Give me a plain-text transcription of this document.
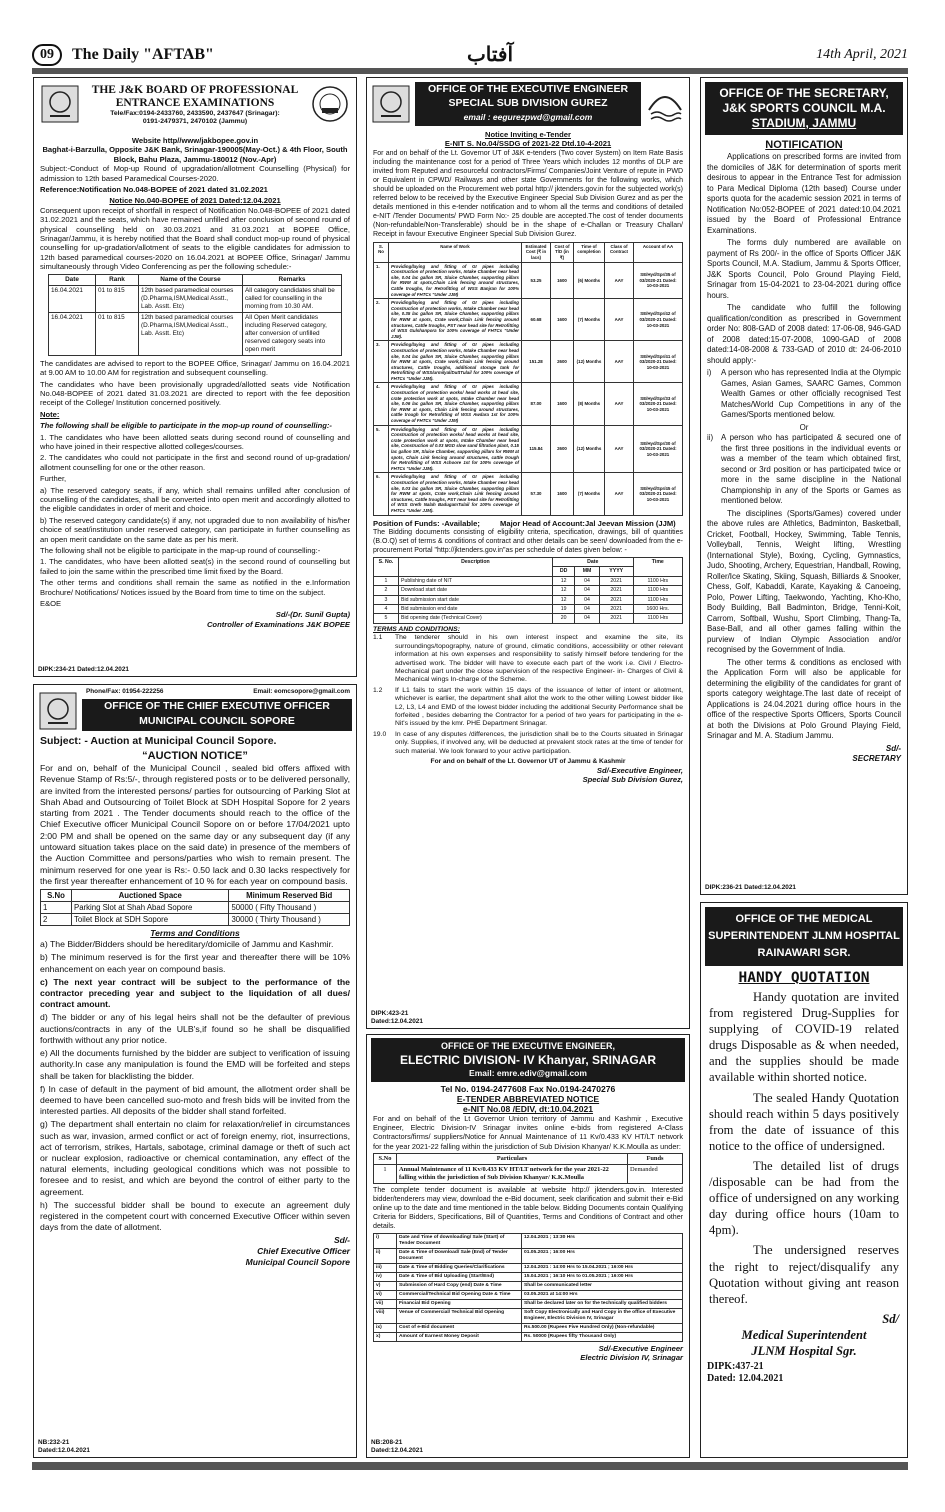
09	The Daily "AFTAB"	آفتاب	14th April, 2021
THE J&K BOARD OF PROFESSIONAL
ENTRANCE EXAMINATIONS
Tele/Fax:0194-2433760, 2433590, 2437647 (Srinagar):
0191-2479371, 2470102 (Jammu)
Website http//www/jakbopee.gov.in
Baghat-i-Barzulla, Opposite J&K Bank, Srinagar-190005(May-Oct.) & 4th Floor, South Block, Bahu Plaza, Jammu-180012 (Nov.-Apr)
Subject:-Conduct of Mop-up Round of upgradation/allotment Counselling (Physical) for admission to 12th based Paramedical Courses-2020.
Reference:Notification No.048-BOPEE of 2021 dated 31.02.2021
Notice No.040-BOPEE of 2021 Dated:12.04.2021
Consequent upon receipt of shortfall in respect of Notification No.048-BOPEE of 2021 dated 31.02.2021 and the seats, which have remained unfilled after conclusion of second round of physical counselling held on 30.03.2021 and 31.03.2021 at BOPEE Office, Srinagar/Jammu, it is hereby notified that the Board shall conduct mop-up round of physical counselling for up-gradation/allotment of seats to the eligible candidates for admission to 12th based paramedical courses-2020 on 16.04.2021 at BOPEE Office, Srinagar/ Jammu simultaneously through Video Conferencing as per the following schedule:-
Date	Rank	Name of the Course	Remarks
16.04.2021	01 to 815	12th based paramedical courses (D.Pharma,ISM,Medical Asstt., Lab. Asstt. Etc)	All category candidates shall be called for counselling in the morning from 10.30 AM.
16.04.2021	01 to 815	12th based paramedical courses (D.Pharma,ISM,Medical Asstt., Lab. Asstt. Etc)	All Open Merit candidates including Reserved category, after conversion of unfilled reserved category seats into open merit
The candidates are advised to report to the BOPEE Office, Srinagar/ Jammu on 16.04.2021 at 9.00 AM to 10.00 AM for registration and subsequent counselling.
The candidates who have been provisionally upgraded/allotted seats vide Notification No.048-BOPEE of 2021 dated 31.03.2021 are directed to report with the fee deposition receipt of the College/ Institution concerned positively.
Note:
The following shall be eligible to participate in the mop-up round of counselling:-
1. The candidates who have been allotted seats during second round of counselling and who have joined in their respective allotted colleges/courses.
2. The candidates who could not participate in the first and second round of up-gradation/ allotment counselling for one or the other reason.
Further,
a) The reserved category seats, if any, which shall remains unfilled after conclusion of counselling of the candidates, shall be converted into open merit and accordingly allotted to the eligible candidates in order of merit and choice.
b) The reserved category candidate(s) if any, not upgraded due to non availability of his/her choice of seat/institution under reserved category, can participate in further counselling as an open merit candidate on the same date as per his merit.
The following shall not be eligible to participate in the map-up round of counselling:-
1. The candidates, who have been allotted seat(s) in the second round of counselling but failed to join the same within the prescribed time limit fixed by the Board.
The other terms and conditions shall remain the same as notified in the e.Information Brochure/ Notifications/ Notices issued by the Board from time to time on the subject.
E&OE
Sd/-(Dr. Sunil Gupta)
Controller of Examinations J&K BOPEE
DIPK:234-21 Dated:12.04.2021
Phone/Fax: 01954-222256	Email: eomcsopore@gmail.com
OFFICE OF THE CHIEF EXECUTIVE OFFICER
MUNICIPAL COUNCIL SOPORE
Subject: - Auction at Municipal Council Sopore.
“AUCTION NOTICE”
For and on, behalf of the Municipal Council , sealed bid offers affixed with Revenue Stamp of Rs:5/-, through registered posts or to be delivered personally, are invited from the interested persons/ parties for outsourcing of Parking Slot at Shah Abad and Outsourcing of Toilet Block at SDH Hospital Sopore for 2 years starting from 2021 . The Tender documents should reach to the office of the Chief Executive officer Municipal Council Sopore on or before 17/04/2021 upto 2:00 PM and shall be opened on the same day or any subsequent day (if any untoward situation takes place on the said date) in presence of the members of the Auction Committee and persons/parties who wish to remain present. The minimum reserved for one year is Rs:- 0.50 lack and 0.30 lacks respectively for the first year thereafter enhancement of 10 % for each year on compound basis.
S.No	Auctioned Space	Minimum Reserved Bid
1	Parking Slot at Shah Abad Sopore	50000 ( Fifty Thousand )
2	Toilet Block at SDH Sopore	30000 ( Thirty Thousand )
Terms and Conditions
a) The Bidder/Bidders should be hereditary/domicile of Jammu and Kashmir.
b) The minimum reserved is for the first year and thereafter there will be 10% enhancement on each year on compound basis.
c) The next year contract will be subject to the performance of the contractor preceding year and subject to the liquidation of all dues/ contract amount.
d) The bidder or any of his legal heirs shall not be the defaulter of previous auctions/contracts in any of the ULB's,if found so he shall be disqualified forthwith without any prior notice.
e) All the documents furnished by the bidder are subject to verification of issuing authority.In case any manipulation is found the EMD will be forfeited and steps shall be taken for blacklisting the bidder.
f) In case of default in the payment of bid amount, the allotment order shall be deemed to have been cancelled suo-moto and fresh bids will be invited from the interested parties. All deposits of the bidder shall stand forfeited.
g) The department shall entertain no claim for relaxation/relief in circumstances such as war, invasion, armed conflict or act of foreign enemy, riot, insurrections, act of terrorism, strikes, Hartals, sabotage, criminal damage or theft of such act or nuclear explosion, radioactive or chemical contamination, any effect of the natural elements, including geological conditions which was not possible to foresee and to resist, and which are beyond the control of either party to the agreement.
h) The successful bidder shall be bound to execute an agreement duly registered in the competent court with concerned Executive Officer within seven days from the date of allotment.
Sd/-
Chief Executive Officer
Municipal Council Sopore
NB:232-21
Dated:12.04.2021
OFFICE OF THE EXECUTIVE ENGINEER
SPECIAL SUB DIVISION GUREZ
email : eegurezpwd@gmail.com
Notice Inviting e-Tender
E-NIT S. No.04/SSDG of 2021-22 Dtd.10-4-2021
For and on behalf of the Lt. Governor UT of J&K e-tenders (Two cover System) on Item Rate Basis including the maintenance cost for a period of Three Years which includes 12 months of DLP are invited from Reputed and resourceful contractors/Firms/ Companies/Joint Venture of repute in PWD or Equivalent in CPWD/ Railways and other state Governments for the following works, which should be uploaded on the Procurement web portal http:// jktenders.gov.in for the subjected work(s) referred below to be received by the Executive Engineer Special Sub Division Gurez and as per the details mentioned in this e-tender notification and to whom all the terms and conditions of detailed e-NIT /Tender Documents/ PWD Form No:- 25 double are accepted.The cost of tender documents (Non-refundable/Non-Transferable) should be in the shape of e-Challan or Treasury Challan/ Receipt in favour Executive Engineer Special Sub Division Gurez.
S. No	Name of Work	Estimated Cost (₹ in lacs)	Cost of T/D (in ₹)	Time of completion	Class of Contract	Account of AA
1.	Providing/laying and fitting of GI pipes including Construction of protection works, Intake Chamber near head site, 0.04 lac gallon SR, Sluice Chamber, supporting pillars for RWM at spots,Chain Link fencing around structures, Cattle troughs, for Retrofitting of WSS Banjran for 100% coverage of FHTCs "Under JJM)	53.25	1600	(6) Months	AAY	SE/Hyd/Spr/35 of 03/2020-21 Dated: 10-03-2021
2.	Providing/laying and fitting of GI pipes including Construction of protection works, Intake Chamber near head site, 0.35 lac gallon SR, Sluice Chamber, supporting pillars for RWM at spots, Crate work,Chain Link fencing around structures, Cattle troughs, PST near head site for Retrofitting of WSS Gulshanpora for 100% coverage of FHTCs "Under JJM).	60.68	1600	(7) Months	AAY	SE/Hyd/Spr/42 of 03/2020-21 Dated: 10-03-2021
3.	Providing/laying and fitting of GI pipes including Construction of protection works, Intake Chamber near head site, 0.04 lac gallon SR, Sluice Chamber, supporting pillars for RWM at spots, Crate work,Chain Link fencing around structures, Cattle troughs, additional storage tank for Retrofitting of WSS/urmilyal/DuttTulail for 100% coverage of FHTCs "Under JJM).	151.28	2600	(12) Months	AAY	SE/Hyd/Spr/41 of 03/2020-21 Dated: 10-03-2021
4.	Providing/laying and fitting of GI pipes including Construction of protection works/ head works at head site, crate protection work at spots, Intake Chamber near head site, 0.06 lac gallon SR, Sluice Chamber, supporting pillars for RWM at spots, Chain Link fencing around structures, cattle trough for Retrofitting of WSS Awdara 1st for 100% coverage of FHTCs "Under JJM)	87.00	1600	(8) Months	AAY	SE/Hyd/Spr/33 of 03/2020-21 Dated: 10-03-2021
5.	Providing/laying and fitting of GI pipes including Construction of protection works/ head works at head site, crate protection work at spots, Intake Chamber near head site, Construction of 0.03 MGD slow sand filtration plant, 0.15 lac gallon SR, Sluice Chamber, supporting pillars for RWM at spots, Chain Link fencing around structures, cattle trough for Retrofitting of WSS Achoore 1st for 100% coverage of FHTCs "Under JJM).	115.84	2600	(12) Months	AAY	SE/Hyd/Spr/30 of 03/2020-21 Dated: 10-03-2021
6.	Providing/laying and fitting of GI pipes including Construction of protection works, Intake Chamber near head site, 0.03 lac gallon SR, Sluice Chamber, supporting pillars for RWM at spots, Crate work,Chain Link fencing around structures, Cattle troughs, PST near head site for Retrofitting of WSS Greth Nalah BadugamTulail for 100% coverage of FHTCs "Under JJM).	57.30	1600	(7) Months	AAY	SE/Hyd/Spr/45 of 03/2020-21 Dated: 10-03-2021
Position of Funds: -Available;	Major Head of Account:Jal Jeevan Mission (JJM)
The Bidding documents consisting of eligibility criteria, specification, drawings, bill of quantities (B.O.Q) set of terms & conditions of contract and other details can be seen/ downloaded from the e-procurement Portal "http://jktenders.gov.in"as per schedule of dates given below: -
S. No.	Description	Date			Time
		DD	MM	YYYY	
1	Publishing date of NIT	12	04	2021	1100 Hrs
2	Download start date	12	04	2021	1100 Hrs
3	Bid submission start date	12	04	2021	1100 Hrs
4	Bid submission end date	19	04	2021	1600 Hrs.
5	Bid opening date (Technical Cover)	20	04	2021	1100 Hrs
TERMS AND CONDITIONS:
1.1	The tenderer should in his own interest inspect and examine the site, its surroundings/topography, nature of ground, climatic conditions, accessibility or other relevant information at his own expenses and responsibility to satisfy himself before tendering for the advertised work. The bidder will have to execute each part of the work i.e. Civil / Electro-Mechanical part under the close supervision of the respective Engineer- in- Charges of Civil & Mechanical wings In-charge of the Scheme.
1.2	If L1 fails to start the work within 15 days of the issuance of letter of intent or allotment, whichever is earlier, the department shall allot the work to the other willing Lowest bidder like L2, L3, L4 and EMD of the lowest bidder including the additional Security Performance shall be forfeited , besides debarring the Contractor for a period of two years for participating in the e- Nit's issued by the kmr. PHE Department Srinagar.
19.0	In case of any disputes /differences, the jurisdiction shall be to the Courts situated in Srinagar only. Supplies, if involved any, will be deducted at prevalent stock rates at the time of tender for such material. We look forward to your active participation.
For and on behalf of the Lt. Governor UT of Jammu & Kashmir
Sd/-Executive Engineer,
Special Sub Division Gurez,
DIPK:423-21
Dated:12.04.2021
OFFICE OF THE EXECUTIVE ENGINEER,
ELECTRIC DIVISION- IV Khanyar, SRINAGAR
Email: emre.ediv@gmail.com
Tel No. 0194-2477608 Fax No.0194-2470276
E-TENDER ABBREVIATED NOTICE
e-NIT No.08 /EDIV, dt:10.04.2021
For and on behalf of the Lt Governor Union territory of Jammu and Kashmir , Executive Engineer, Electric Division-IV Srinagar invites online e-bids from registered A-Class Contractors/firms/ suppliers/Notice for Annual Maintenance of 11 Kv/0.433 KV HT/LT network for the year 2021-22 falling within the jurisdiction of Sub Division Khanyar/ K.K.Moulla as under:
S.No	Particulars	Funds
1	Annual Maintenance of 11 Kv/0.433 KV HT/LT network for the year 2021-22 falling within the jurisdiction of Sub Division Khanyar/ K.K.Moulla	Demanded
The complete tender document is available at website http:// jktenders.gov.in. Interested bidder/tenderers may view, download the e-Bid document, seek clarification and submit their e-Bid online up to the date and time mentioned in the table below. Bidding Documents contain Qualifying Criteria for Bidders, Specifications, Bill of Quantities, Terms and Conditions of Contract and other details.
i)	Date and Time of downloading/ Sale (Start) of Tender Document	12.04.2021 ; 13:30 Hrs
ii)	Date & Time of Download/ Sale (End) of Tender Document	01.05.2021 ; 16:00 Hrs
iii)	Date & Time of Bidding Queries/Clarifications	12.04.2021 : 14:00 Hrs to 15.04.2021 ; 16:00 Hrs
iv)	Date & Time of Bid Uploading (Start/End)	15.04.2021 ; 16:10 Hrs to 01.05.2021 ; 16:00 Hrs
v)	Submission of Hard Copy (end) Date & Time	Shall be communicated letter
vi)	Commercial/Technical Bid Opening Date & Time	03.05.2021 at 14:00 Hrs
vii)	Financial Bid Opening	Shall be declared later on for the technically qualified bidders
viii)	Venue of Commercial/ Technical Bid Opening	Soft Copy Electronically and Hard Copy in the office of Executive Engineer, Electric Division IV, Srinagar
ix)	Cost of e-Bid document	Rs.500.00 (Rupees Five Hundred Only) (Non-refundable)
x)	Amount of Earnest Money Deposit	Rs. 50000 (Rupees fifty Thousand Only)
Sd/-Executive Engineer
Electric Division IV, Srinagar
NB:208-21
Dated:12.04.2021
OFFICE OF THE SECRETARY,
J&K SPORTS COUNCIL M.A.
STADIUM, JAMMU
NOTIFICATION
Applications on prescribed forms are invited from the domiciles of J&K for determination of sports merit desirous to appear in the Entrance Test for admission to Para Medical Diploma (12th based) Course under sports quota for the academic session 2021 in terms of Notification No:052-BOPEE of 2021 dated:10.04.2021 issued by the Board of Professional Entrance Examinations.
The forms duly numbered are available on payment of Rs 200/- in the office of Sports Officer J&K Sports Council, M.A. Stadium, Jammu & Sports Officer, J&K Sports Council, Polo Ground Playing Field, Srinagar from 15-04-2021 to 23-04-2021 during office hours.
The candidate who fulfill the following qualification/condition as prescribed in Government order No: 808-GAD of 2008 dated: 17-06-08, 946-GAD of 2008 dated:15-07-2008, 1090-GAD of 2008 dated:14-08-2008 & 733-GAD of 2010 dt: 24-06-2010 should apply:-
i)	A person who has represented India at the Olympic Games, Asian Games, SAARC Games, Common Wealth Games or other officially recognised Test Matches/World Cup Competitions in any of the Games/Sports mentioned below.
Or
ii) A person who has participated & secured one of the first three positions in the individual events or was a member of the team which obtained first, second or 3rd position or has participated twice or more in the same discipline in the National Championship in any of the Sports or Games as mentioned below.
The disciplines (Sports/Games) covered under the above rules are Athletics, Badminton, Basketball, Cricket, Football, Hockey, Swimming, Table Tennis, Volleyball, Tennis, Weight lifting, Wrestling (International Style), Boxing, Cycling, Gymnastics, Judo, Shooting, Archery, Equestrian, Handball, Rowing, Roller/Ice Skating, Skiing, Squash, Billiards & Snooker, Chess, Golf, Kabaddi, Karate, Kayaking & Canoeing, Polo, Power Lifting, Taekwondo, Yachting, Kho-Kho, Body Building, Ball Badminton, Bridge, Tenni-Koit, Carrom, Softball, Wushu, Sport Climbing, Thang-Ta, Base-Ball, and all other games falling within the purview of Indian Olympic Association and/or recognised by the Government of India.
The other terms & conditions as enclosed with the Application Form will also be applicable for determining the eligibility of the candidates for grant of sports category weightage.The last date of receipt of Applications is 24.04.2021 during office hours in the office of the respective Sports Officers, Sports Council at both the Divisions at Polo Ground Playing Field, Srinagar and M. A. Stadium Jammu.
Sd/-
SECRETARY
DIPK:236-21 Dated:12.04.2021
OFFICE OF THE MEDICAL
SUPERINTENDENT JLNM HOSPITAL
RAINAWARI SGR.
HANDY QUOTATION
Handy quotation are invited from registered Drug-Supplies for supplying of COVID-19 related drugs Disposable as & when needed, and the supplies should be made available within shorted notice.
The sealed Handy Quotation should reach within 5 days positively from the date of issuance of this notice to the office of undersigned.
The detailed list of drugs /disposable can be had from the office of undersigned on any working day during office hours (10am to 4pm).
The undersigned reserves the right to reject/disqualify any Quotation without giving ant reason thereof.
Sd/
Medical Superintendent
JLNM Hospital Sgr.
DIPK:437-21
Dated: 12.04.2021
